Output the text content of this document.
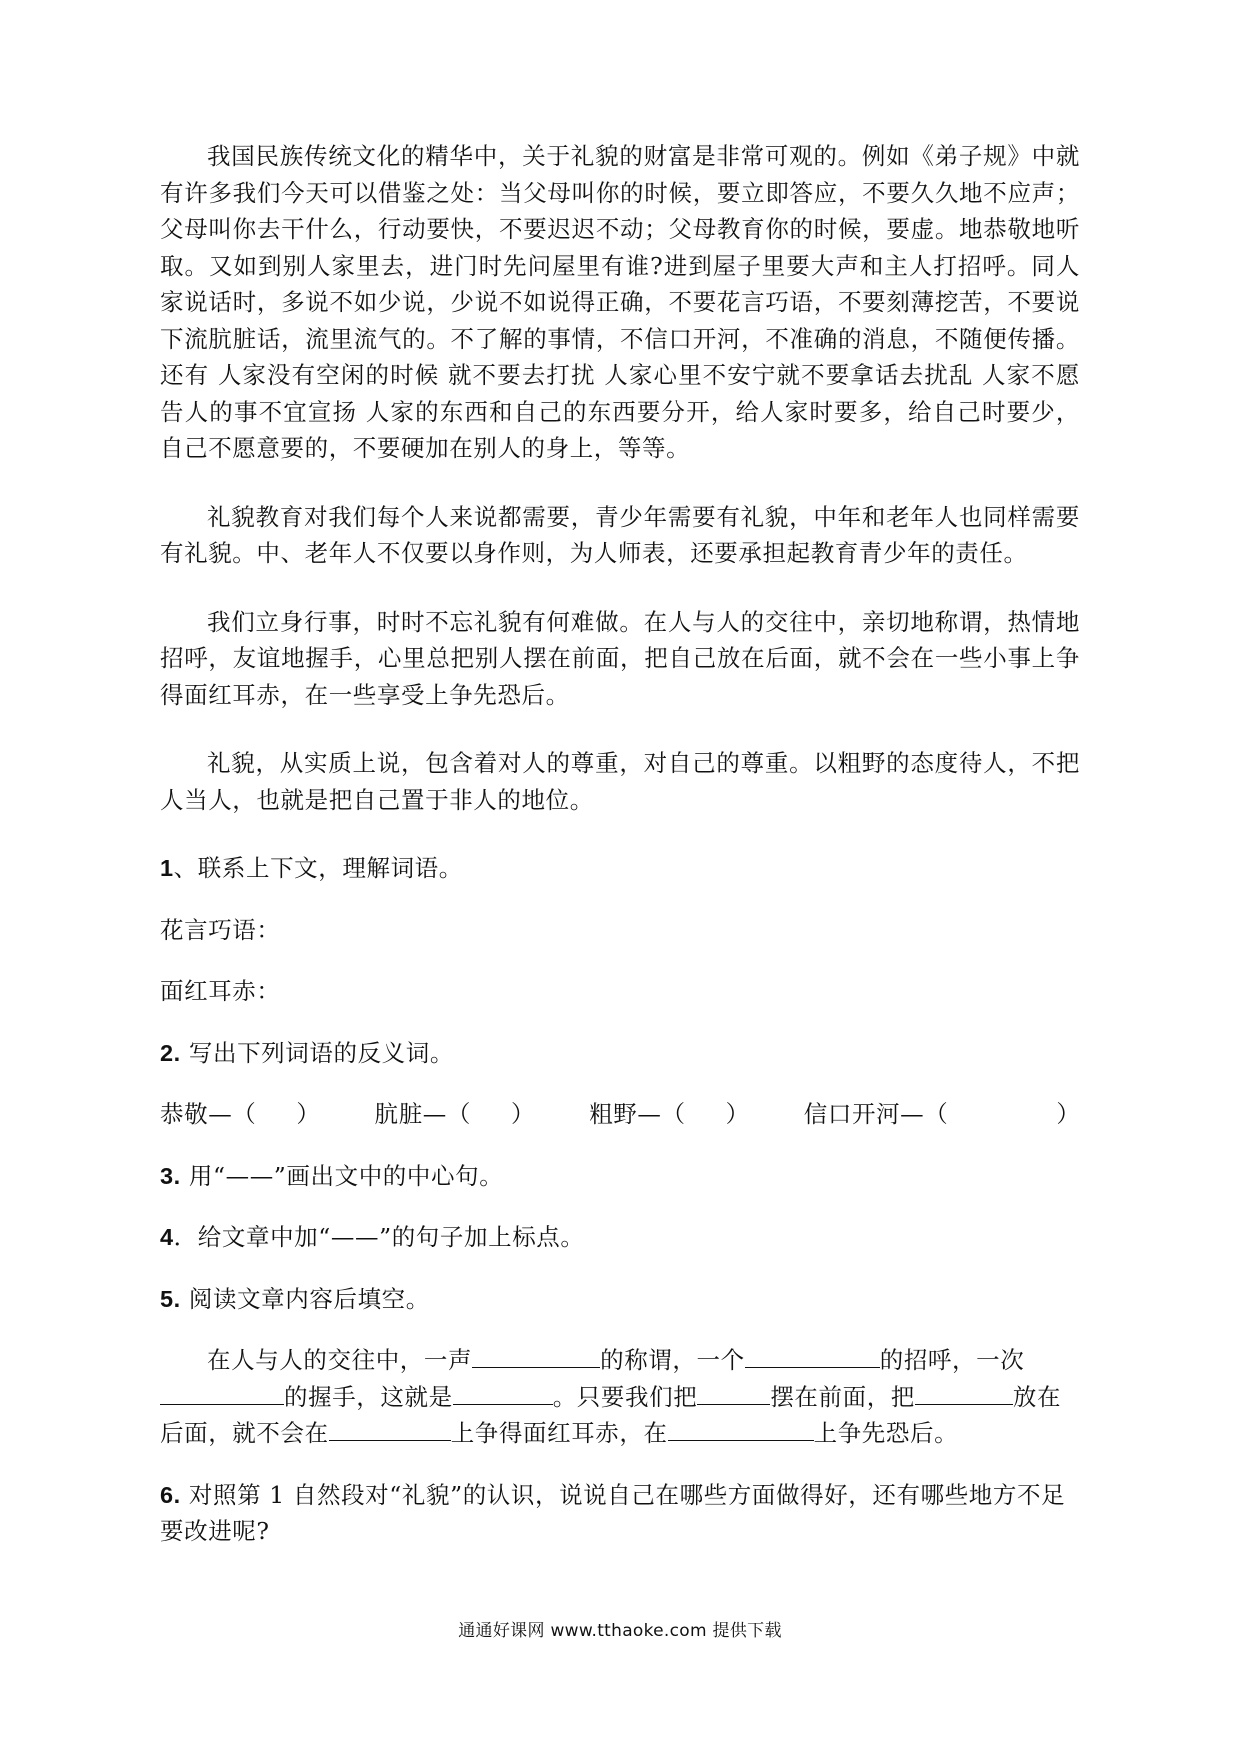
我国民族传统文化的精华中，关于礼貌的财富是非常可观的。例如《弟子规》中就有许多我们今天可以借鉴之处：当父母叫你的时候，要立即答应，不要久久地不应声；父母叫你去干什么，行动要快，不要迟迟不动；父母教育你的时候，要虚。地恭敬地听取。又如到别人家里去，进门时先问屋里有谁?进到屋子里要大声和主人打招呼。同人家说话时，多说不如少说，少说不如说得正确，不要花言巧语，不要刻薄挖苦，不要说下流肮脏话，流里流气的。不了解的事情，不信口开河，不准确的消息，不随便传播。还有 人家没有空闲的时候 就不要去打扰 人家心里不安宁就不要拿话去扰乱 人家不愿告人的事不宜宣扬 人家的东西和自己的东西要分开，给人家时要多，给自己时要少，自己不愿意要的，不要硬加在别人的身上，等等。

礼貌教育对我们每个人来说都需要，青少年需要有礼貌，中年和老年人也同样需要有礼貌。中、老年人不仅要以身作则，为人师表，还要承担起教育青少年的责任。

我们立身行事，时时不忘礼貌有何难做。在人与人的交往中，亲切地称谓，热情地招呼，友谊地握手，心里总把别人摆在前面，把自己放在后面，就不会在一些小事上争得面红耳赤，在一些享受上争先恐后。

礼貌，从实质上说，包含着对人的尊重，对自己的尊重。以粗野的态度待人，不把人当人，也就是把自己置于非人的地位。

1、联系上下文，理解词语。

花言巧语：

面红耳赤：

2. 写出下列词语的反义词。

恭敬—（ ） 肮脏—（ ） 粗野—（ ） 信口开河—（	）

3. 用“——”画出文中的中心句。

4．给文章中加“——”的句子加上标点。

5. 阅读文章内容后填空。

在人与人的交往中，一声	的称谓，一个	的招呼，一次的握手，这就是	。只要我们把	摆在前面，把	放在后面，就不会在	上争得面红耳赤，在	上争先恐后。

6. 对照第 1 自然段对“礼貌”的认识，说说自己在哪些方面做得好，还有哪些地方不足要改进呢?

通通好课网 www.tthaoke.com 提供下载
